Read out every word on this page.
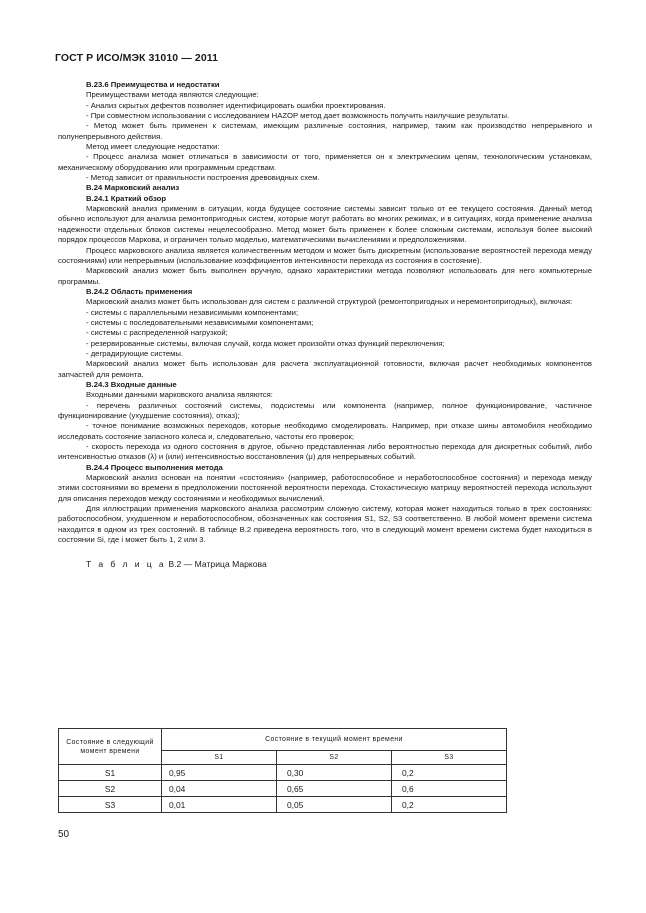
ГОСТ Р ИСО/МЭК 31010 — 2011

В.23.6 Преимущества и недостатки

Преимуществами метода являются следующие:

- Анализ скрытых дефектов позволяет идентифицировать ошибки проектирования.

- При совместном использовании с исследованием HAZOP метод дает возможность получить наилучшие результаты.

- Метод может быть применен к системам, имеющим различные состояния, например, таким как производство непрерывного и полунепрерывного действия.

Метод имеет следующие недостатки:

- Процесс анализа может отличаться в зависимости от того, применяется он к электрическим цепям, технологическим установкам, механическому оборудованию или программным средствам.

- Метод зависит от правильности построения древовидных схем.

В.24 Марковский анализ

В.24.1 Краткий обзор

Марковский анализ применим в ситуации, когда будущее состояние системы зависит только от ее текущего состояния. Данный метод обычно используют для анализа ремонтопригодных систем, которые могут работать во многих режимах, и в ситуациях, когда применение анализа надежности отдельных блоков системы нецелесообразно. Метод может быть применен к более сложным системам, используя более высокий порядок процессов Маркова, и ограничен только моделью, математическими вычислениями и предположениями.

Процесс марковского анализа является количественным методом и может быть дискретным (использование вероятностей перехода между состояниями) или непрерывным (использование коэффициентов интенсивности перехода из состояния в состояние).

Марковский анализ может быть выполнен вручную, однако характеристики метода позволяют использовать для него компьютерные программы.

В.24.2 Область применения

Марковский анализ может быть использован для систем с различной структурой (ремонтопригодных и неремонтопригодных), включая:

- системы с параллельными независимыми компонентами;

- системы с последовательными независимыми компонентами;

- системы с распределенной нагрузкой;

- резервированные системы, включая случай, когда может произойти отказ функций переключения;

- деградирующие системы.

Марковский анализ может быть использован для расчета эксплуатационной готовности, включая расчет необходимых компонентов запчастей для ремонта.

В.24.3 Входные данные

Входными данными марковского анализа являются:

- перечень различных состояний системы, подсистемы или компонента (например, полное функционирование, частичное функционирование (ухудшение состояния), отказ);

- точное понимание возможных переходов, которые необходимо смоделировать. Например, при отказе шины автомобиля необходимо исследовать состояние запасного колеса и, следовательно, частоты его проверок;

- скорость перехода из одного состояния в другое, обычно представленная либо вероятностью перехода для дискретных событий, либо интенсивностью отказов (λ) и (или) интенсивностью восстановления (μ) для непрерывных событий.

В.24.4 Процесс выполнения метода

Марковский анализ основан на понятии «состояния» (например, работоспособное и неработоспособное состояния) и перехода между этими состояниями во времени в предположении постоянной вероятности перехода. Стохастическую матрицу вероятностей перехода используют для описания переходов между состояниями и необходимых вычислений.

Для иллюстрации применения марковского анализа рассмотрим сложную систему, которая может находиться только в трех состояниях: работоспособном, ухудшенном и неработоспособном, обозначенных как состояния S1, S2, S3 соответственно. В любой момент времени система находится в одном из трех состояний. В таблице В.2 приведена вероятность того, что в следующий момент времени система будет находиться в состоянии Si, где i может быть 1, 2 или 3.

Т а б л и ц а В.2 — Матрица Маркова
Состояние в следующий момент времени	Состояние в текущий момент времени		
	S1	S2	S3
S1	0,95	0,30	0,2
S2	0,04	0,65	0,6
S3	0,01	0,05	0,2
50
